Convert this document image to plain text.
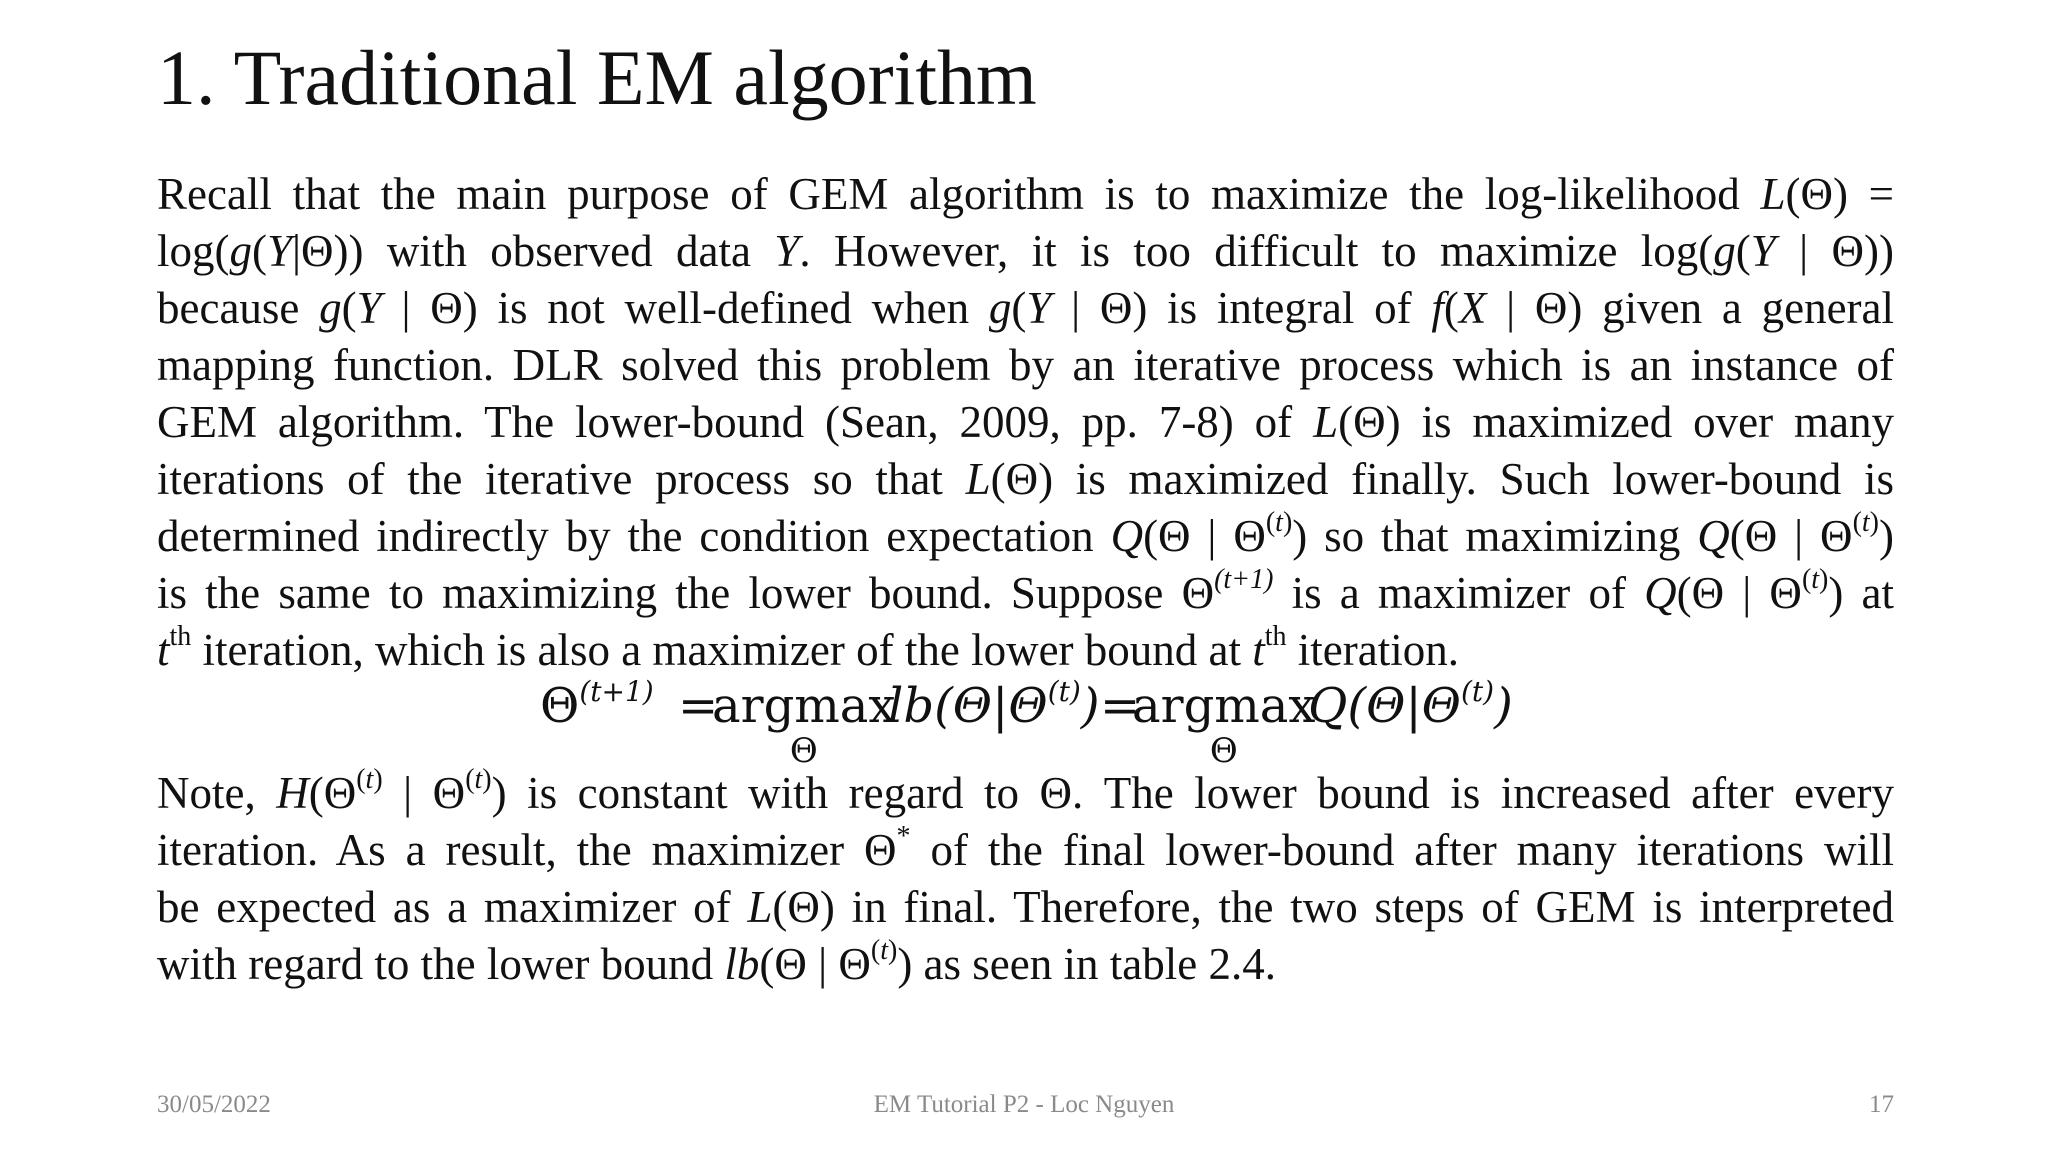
1. Traditional EM algorithm
Recall that the main purpose of GEM algorithm is to maximize the log-likelihood L(Θ) =
log(g(Y|Θ)) with observed data Y. However, it is too difficult to maximize log(g(Y | Θ))
because g(Y | Θ) is not well-defined when g(Y | Θ) is integral of f(X | Θ) given a general
mapping function. DLR solved this problem by an iterative process which is an instance of
GEM algorithm. The lower-bound (Sean, 2009, pp. 7-8) of L(Θ) is maximized over many
iterations of the iterative process so that L(Θ) is maximized finally. Such lower-bound is
determined indirectly by the condition expectation Q(Θ | $\Theta^{(t)}$) so that maximizing Q(Θ | $\Theta^{(t)}$)
is the same to maximizing the lower bound. Suppose $\Theta^{(t+1)}$ is a maximizer of Q(Θ | $\Theta^{(t)}$) at
$t^{th}$ iteration, which is also a maximizer of the lower bound at $t^{th}$ iteration.
$\Theta^{(t+1)}$ =
argmax
Θ
$lb(\Theta|\Theta^{(t)})$ =
argmax
Θ
$Q(\Theta|\Theta^{(t)})$
Note, $H(\Theta^{(t)}$ | $\Theta^{(t)}$) is constant with regard to Θ. The lower bound is increased after every
iteration. As a result, the maximizer Θ* of the final lower-bound after many iterations will
be expected as a maximizer of L(Θ) in final. Therefore, the two steps of GEM is interpreted
with regard to the lower bound lb(Θ | $\Theta^{(t)}$) as seen in table 2.4.
30/05/2022	EM Tutorial P2 - Loc Nguyen	17
